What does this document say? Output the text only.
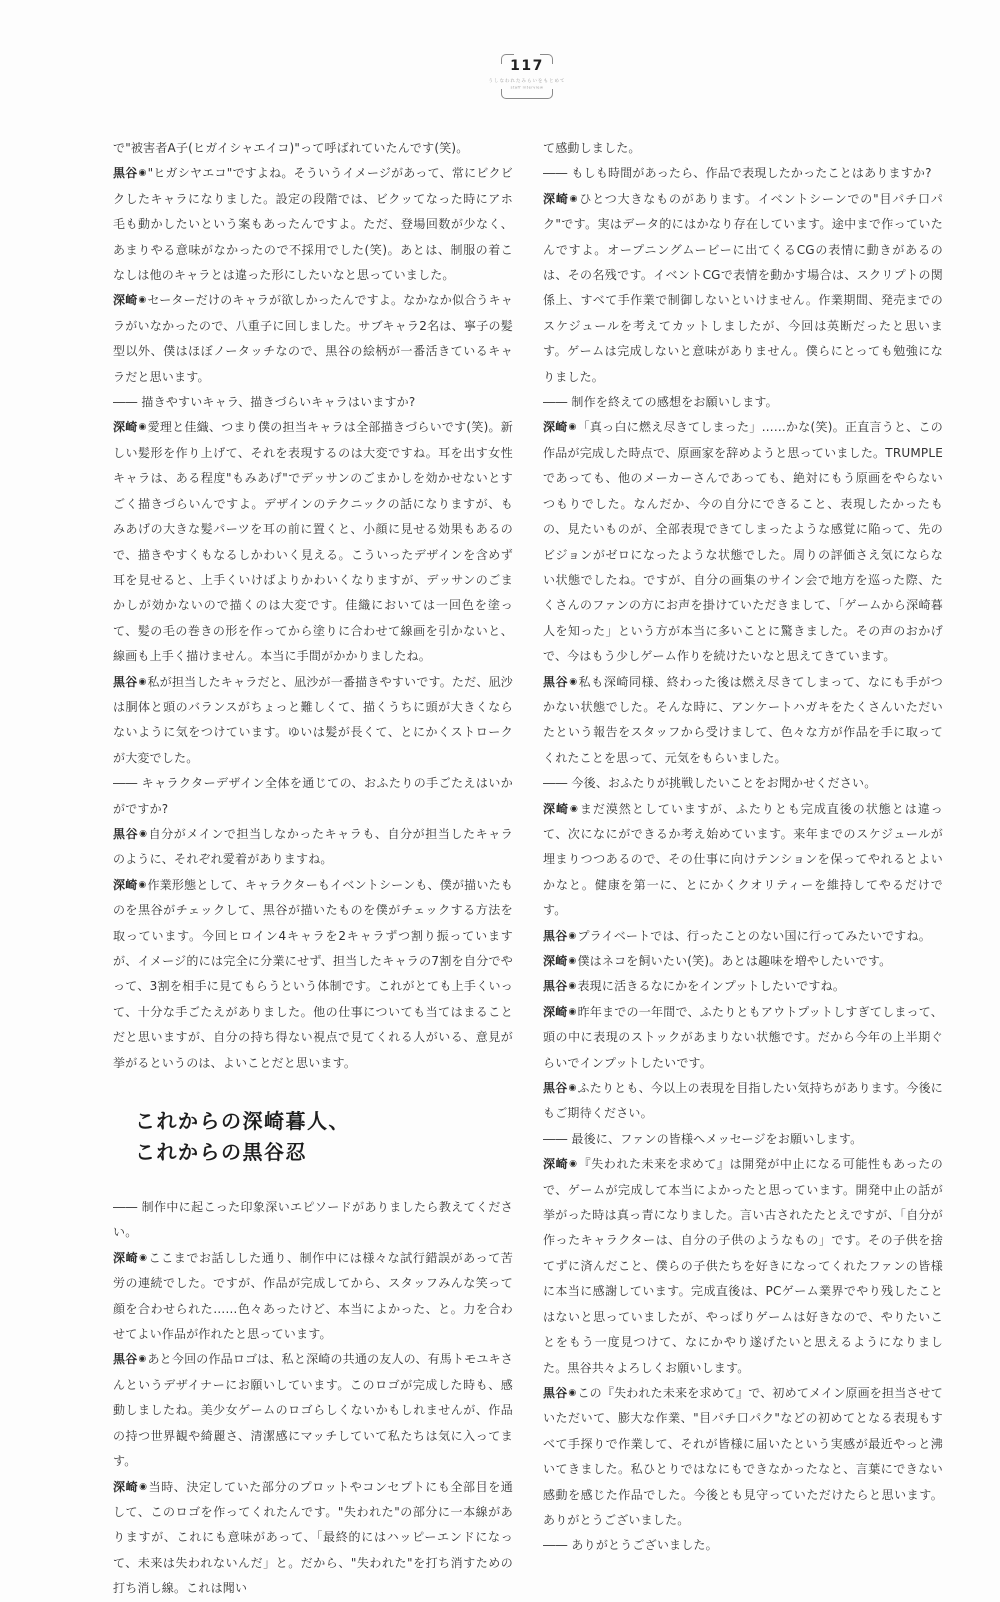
117
うしなわれたみらいをもとめて
staff interview

で"被害者A子(ヒガイシャエイコ)"って呼ばれていたんです(笑)。

黒谷◉"ヒガシヤエコ"ですよね。そういうイメージがあって、常にビクビクしたキャラになりました。設定の段階では、ビクッてなった時にアホ毛も動かしたいという案もあったんですよ。ただ、登場回数が少なく、あまりやる意味がなかったので不採用でした(笑)。あとは、制服の着こなしは他のキャラとは違った形にしたいなと思っていました。

深崎◉セーターだけのキャラが欲しかったんですよ。なかなか似合うキャラがいなかったので、八重子に回しました。サブキャラ2名は、寧子の髪型以外、僕はほぼノータッチなので、黒谷の絵柄が一番活きているキャラだと思います。

―― 描きやすいキャラ、描きづらいキャラはいますか?

深崎◉愛理と佳織、つまり僕の担当キャラは全部描きづらいです(笑)。新しい髪形を作り上げて、それを表現するのは大変ですね。耳を出す女性キャラは、ある程度"もみあげ"でデッサンのごまかしを効かせないとすごく描きづらいんですよ。デザインのテクニックの話になりますが、もみあげの大きな髪パーツを耳の前に置くと、小顔に見せる効果もあるので、描きやすくもなるしかわいく見える。こういったデザインを含めず耳を見せると、上手くいけばよりかわいくなりますが、デッサンのごまかしが効かないので描くのは大変です。佳織においては一回色を塗って、髪の毛の巻きの形を作ってから塗りに合わせて線画を引かないと、線画も上手く描けません。本当に手間がかかりましたね。

黒谷◉私が担当したキャラだと、凪沙が一番描きやすいです。ただ、凪沙は胴体と頭のバランスがちょっと難しくて、描くうちに頭が大きくならないように気をつけています。ゆいは髪が長くて、とにかくストロークが大変でした。

―― キャラクターデザイン全体を通じての、おふたりの手ごたえはいかがですか?

黒谷◉自分がメインで担当しなかったキャラも、自分が担当したキャラのように、それぞれ愛着がありますね。

深崎◉作業形態として、キャラクターもイベントシーンも、僕が描いたものを黒谷がチェックして、黒谷が描いたものを僕がチェックする方法を取っています。今回ヒロイン4キャラを2キャラずつ割り振っていますが、イメージ的には完全に分業にせず、担当したキャラの7割を自分でやって、3割を相手に見てもらうという体制です。これがとても上手くいって、十分な手ごたえがありました。他の仕事についても当てはまることだと思いますが、自分の持ち得ない視点で見てくれる人がいる、意見が挙がるというのは、よいことだと思います。

これからの深崎暮人、
これからの黒谷忍

―― 制作中に起こった印象深いエピソードがありましたら教えてください。

深崎◉ここまでお話しした通り、制作中には様々な試行錯誤があって苦労の連続でした。ですが、作品が完成してから、スタッフみんな笑って顔を合わせられた……色々あったけど、本当によかった、と。力を合わせてよい作品が作れたと思っています。

黒谷◉あと今回の作品ロゴは、私と深崎の共通の友人の、有馬トモユキさんというデザイナーにお願いしています。このロゴが完成した時も、感動しましたね。美少女ゲームのロゴらしくないかもしれませんが、作品の持つ世界観や綺麗さ、清潔感にマッチしていて私たちは気に入ってます。

深崎◉当時、決定していた部分のプロットやコンセプトにも全部目を通して、このロゴを作ってくれたんです。"失われた"の部分に一本線がありますが、これにも意味があって、「最終的にはハッピーエンドになって、未来は失われないんだ」と。だから、"失われた"を打ち消すための打ち消し線。これは聞い

て感動しました。

―― もしも時間があったら、作品で表現したかったことはありますか?

深崎◉ひとつ大きなものがあります。イベントシーンでの"目パチ口パク"です。実はデータ的にはかなり存在しています。途中まで作っていたんですよ。オープニングムービーに出てくるCGの表情に動きがあるのは、その名残です。イベントCGで表情を動かす場合は、スクリプトの関係上、すべて手作業で制御しないといけません。作業期間、発売までのスケジュールを考えてカットしましたが、今回は英断だったと思います。ゲームは完成しないと意味がありません。僕らにとっても勉強になりました。

―― 制作を終えての感想をお願いします。

深崎◉「真っ白に燃え尽きてしまった」……かな(笑)。正直言うと、この作品が完成した時点で、原画家を辞めようと思っていました。TRUMPLEであっても、他のメーカーさんであっても、絶対にもう原画をやらないつもりでした。なんだか、今の自分にできること、表現したかったもの、見たいものが、全部表現できてしまったような感覚に陥って、先のビジョンがゼロになったような状態でした。周りの評価さえ気にならない状態でしたね。ですが、自分の画集のサイン会で地方を巡った際、たくさんのファンの方にお声を掛けていただきまして、「ゲームから深崎暮人を知った」という方が本当に多いことに驚きました。その声のおかげで、今はもう少しゲーム作りを続けたいなと思えてきています。

黒谷◉私も深崎同様、終わった後は燃え尽きてしまって、なにも手がつかない状態でした。そんな時に、アンケートハガキをたくさんいただいたという報告をスタッフから受けまして、色々な方が作品を手に取ってくれたことを思って、元気をもらいました。

―― 今後、おふたりが挑戦したいことをお聞かせください。

深崎◉まだ漠然としていますが、ふたりとも完成直後の状態とは違って、次になにができるか考え始めています。来年までのスケジュールが埋まりつつあるので、その仕事に向けテンションを保ってやれるとよいかなと。健康を第一に、とにかくクオリティーを維持してやるだけです。

黒谷◉プライベートでは、行ったことのない国に行ってみたいですね。

深崎◉僕はネコを飼いたい(笑)。あとは趣味を増やしたいです。

黒谷◉表現に活きるなにかをインプットしたいですね。

深崎◉昨年までの一年間で、ふたりともアウトプットしすぎてしまって、頭の中に表現のストックがあまりない状態です。だから今年の上半期ぐらいでインプットしたいです。

黒谷◉ふたりとも、今以上の表現を目指したい気持ちがあります。今後にもご期待ください。

―― 最後に、ファンの皆様へメッセージをお願いします。

深崎◉『失われた未来を求めて』は開発が中止になる可能性もあったので、ゲームが完成して本当によかったと思っています。開発中止の話が挙がった時は真っ青になりました。言い古されたたとえですが、「自分が作ったキャラクターは、自分の子供のようなもの」です。その子供を捨てずに済んだこと、僕らの子供たちを好きになってくれたファンの皆様に本当に感謝しています。完成直後は、PCゲーム業界でやり残したことはないと思っていましたが、やっぱりゲームは好きなので、やりたいことをもう一度見つけて、なにかやり遂げたいと思えるようになりました。黒谷共々よろしくお願いします。

黒谷◉この『失われた未来を求めて』で、初めてメイン原画を担当させていただいて、膨大な作業、"目パチ口パク"などの初めてとなる表現もすべて手探りで作業して、それが皆様に届いたという実感が最近やっと沸いてきました。私ひとりではなにもできなかったなと、言葉にできない感動を感じた作品でした。今後とも見守っていただけたらと思います。ありがとうございました。

―― ありがとうございました。
